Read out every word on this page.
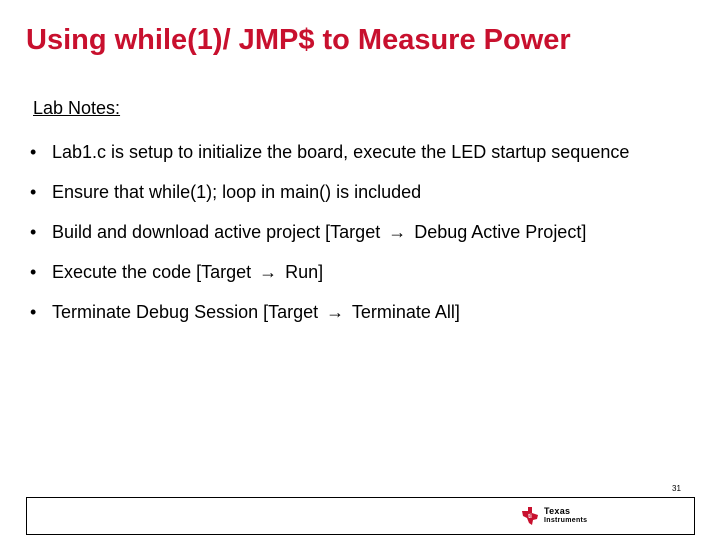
Using while(1)/ JMP$ to Measure Power
Lab Notes:
• Lab1.c is setup to initialize the board, execute the LED startup sequence
• Ensure that while(1); loop in main() is included
• Build and download active project [Target → Debug Active Project]
• Execute the code [Target → Run]
• Terminate Debug Session [Target → Terminate All]
31
ti
Texas
Instruments
